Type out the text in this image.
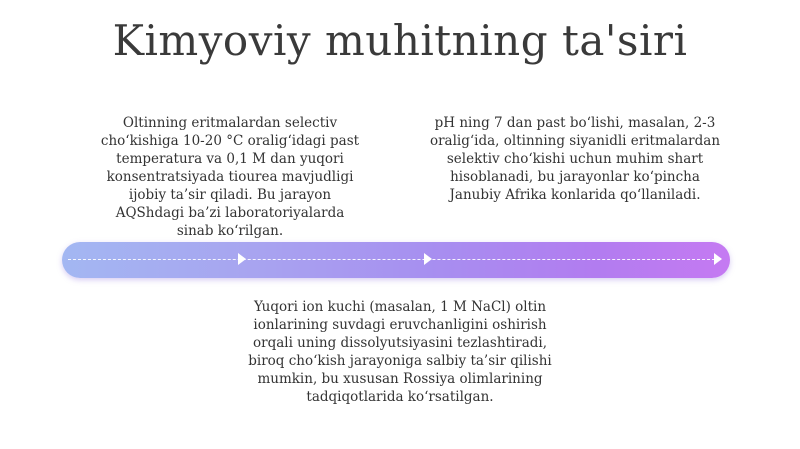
Kimyoviy muhitning ta'siri
Oltinning eritmalardan selectiv
cho‘kishiga 10-20 °C oralig‘idagi past
temperatura va 0,1 M dan yuqori
konsentratsiyada tiourea mavjudligi
ijobiy ta’sir qiladi. Bu jarayon
AQShdagi ba’zi laboratoriyalarda
sinab ko‘rilgan.
pH ning 7 dan past bo‘lishi, masalan, 2-3
oralig‘ida, oltinning siyanidli eritmalardan
selektiv cho‘kishi uchun muhim shart
hisoblanadi, bu jarayonlar ko‘pincha
Janubiy Afrika konlarida qo‘llaniladi.
Yuqori ion kuchi (masalan, 1 M NaCl) oltin
ionlarining suvdagi eruvchanligini oshirish
orqali uning dissolyutsiyasini tezlashtiradi,
biroq cho‘kish jarayoniga salbiy ta’sir qilishi
mumkin, bu xususan Rossiya olimlarining
tadqiqotlarida ko‘rsatilgan.
